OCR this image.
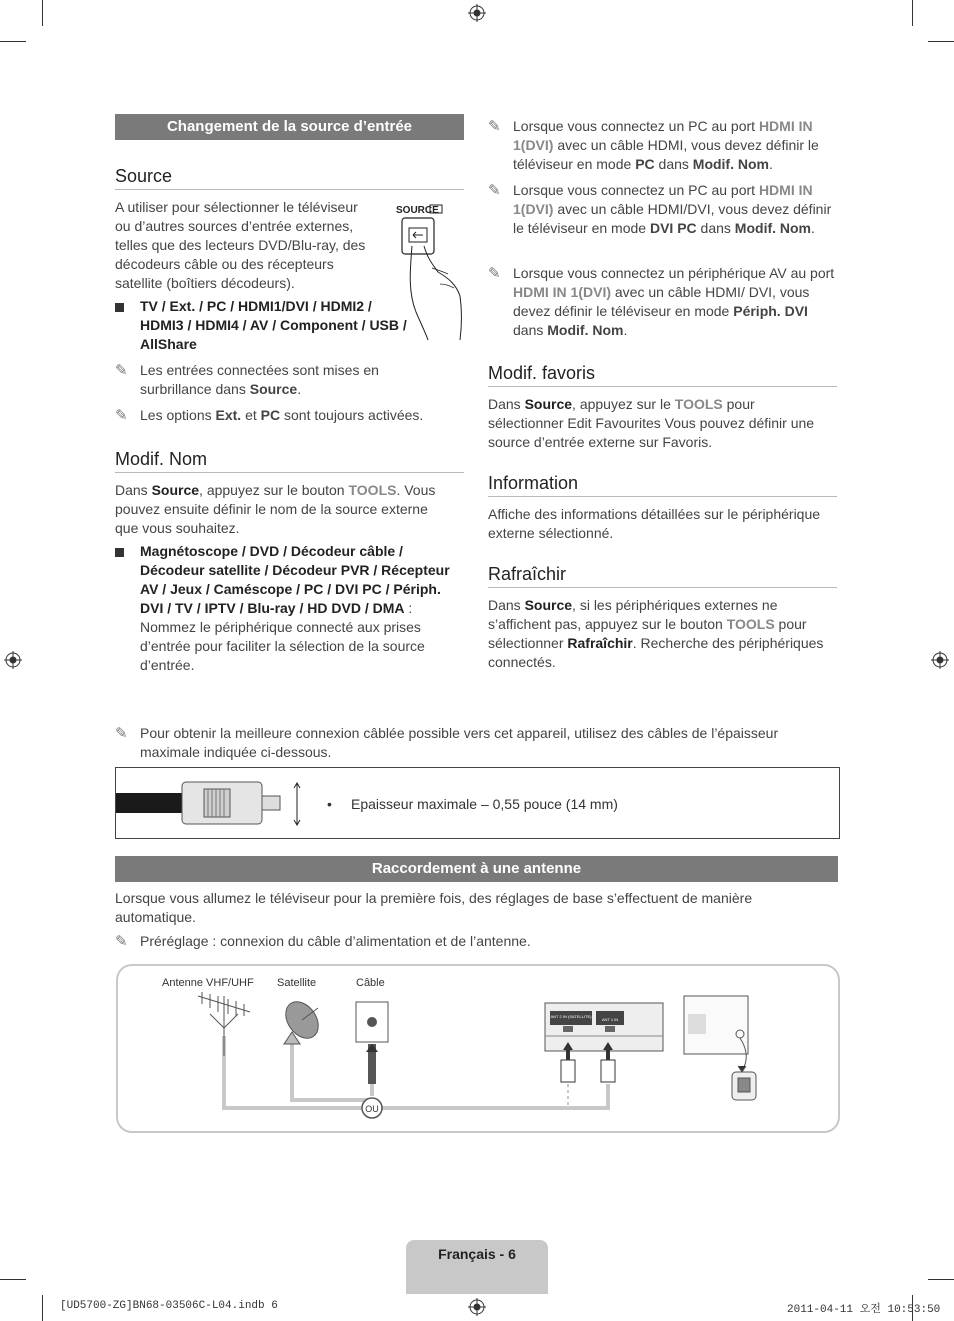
Changement de la source d’entrée
Source
A utiliser pour sélectionner le téléviseur ou d’autres sources d’entrée externes, telles que des lecteurs DVD/Blu-ray, des décodeurs câble ou des récepteurs satellite (boîtiers décodeurs).
SOURCE
TV / Ext. / PC / HDMI1/DVI / HDMI2 / HDMI3 / HDMI4 / AV / Component / USB / AllShare
✎ Les entrées connectées sont mises en surbrillance dans Source.
✎ Les options Ext. et PC sont toujours activées.
Modif. Nom
Dans Source, appuyez sur le bouton TOOLS. Vous pouvez ensuite définir le nom de la source externe que vous souhaitez.
Magnétoscope / DVD / Décodeur câble / Décodeur satellite / Décodeur PVR / Récepteur AV / Jeux / Caméscope / PC / DVI PC / Périph. DVI / TV / IPTV / Blu-ray / HD DVD / DMA : Nommez le périphérique connecté aux prises d’entrée pour faciliter la sélection de la source d’entrée.
✎ Lorsque vous connectez un PC au port HDMI IN 1(DVI) avec un câble HDMI, vous devez définir le téléviseur en mode PC dans Modif. Nom.
✎ Lorsque vous connectez un PC au port HDMI IN 1(DVI) avec un câble HDMI/DVI, vous devez définir le téléviseur en mode DVI PC dans Modif. Nom.
✎ Lorsque vous connectez un périphérique AV au port HDMI IN 1(DVI) avec un câble HDMI/ DVI, vous devez définir le téléviseur en mode Périph. DVI dans Modif. Nom.
Modif. favoris
Dans Source, appuyez sur le TOOLS pour sélectionner Edit Favourites Vous pouvez définir une source d’entrée externe sur Favoris.
Information
Affiche des informations détaillées sur le périphérique externe sélectionné.
Rafraîchir
Dans Source, si les périphériques externes ne s’affichent pas, appuyez sur le bouton TOOLS pour sélectionner Rafraîchir. Recherche des périphériques connectés.
✎ Pour obtenir la meilleure connexion câblée possible vers cet appareil, utilisez des câbles de l’épaisseur maximale indiquée ci-dessous.
• Epaisseur maximale – 0,55 pouce (14 mm)
Raccordement à une antenne
Lorsque vous allumez le téléviseur pour la première fois, des réglages de base s’effectuent de manière automatique.
✎ Préréglage : connexion du câble d’alimentation et de l’antenne.
Antenne VHF/UHF Satellite	Câble
OU
ANT 2 IN (SATELLITE)
ANT 1 IN
Français - 6
[UD5700-ZG]BN68-03506C-L04.indb 6	2011-04-11 오전 10:53:50
